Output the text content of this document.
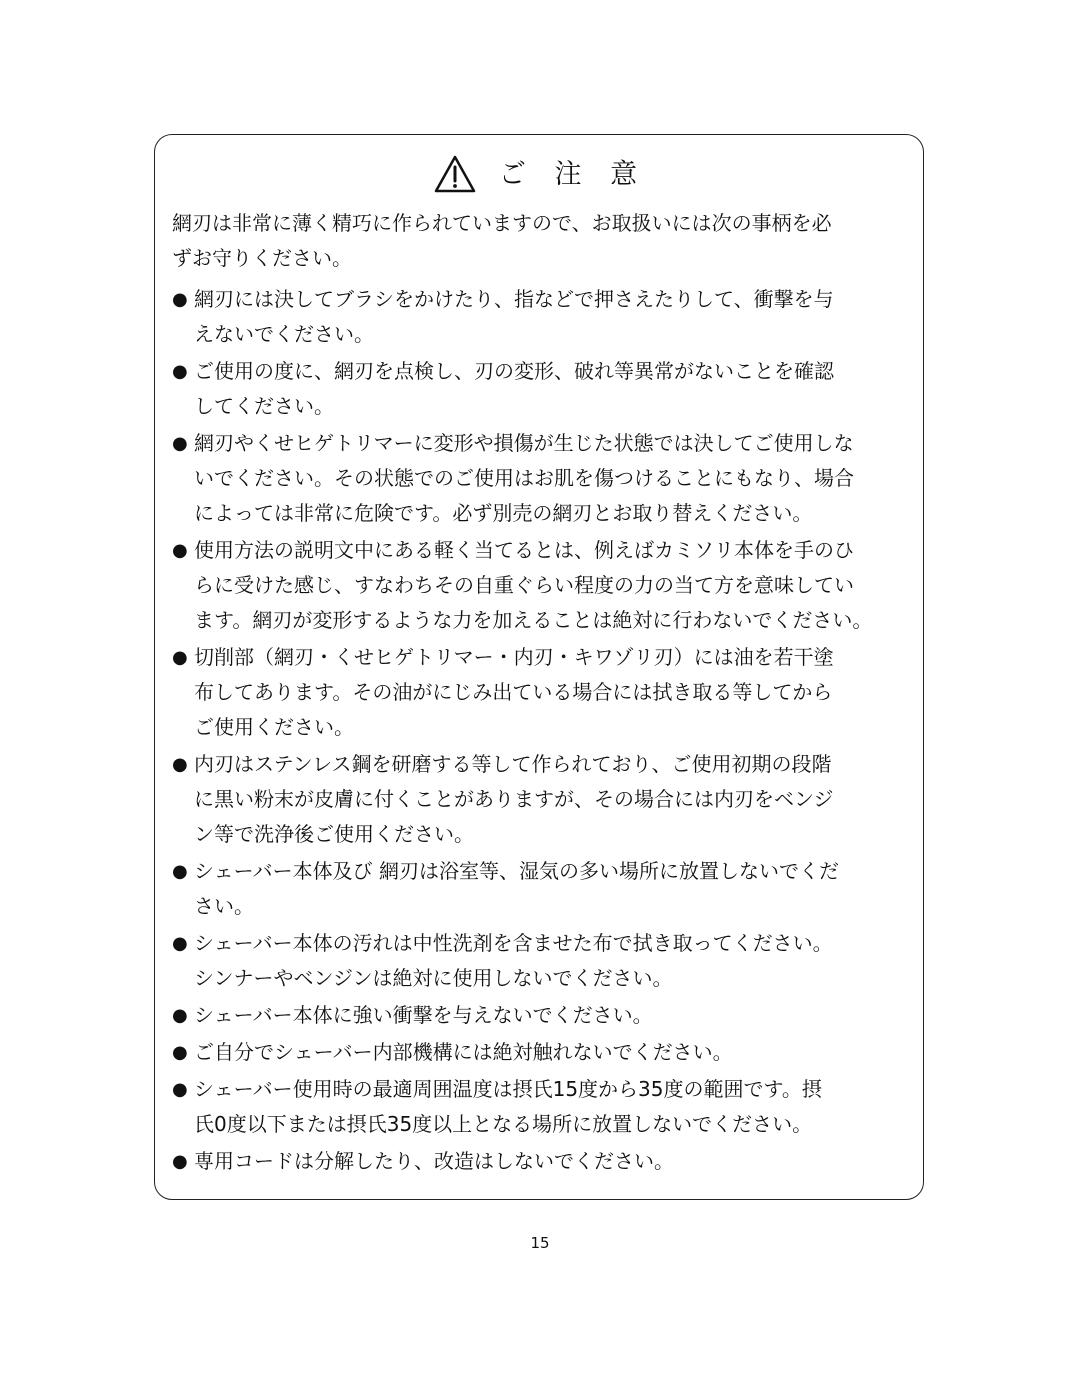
ご 注 意

網刃は非常に薄く精巧に作られていますので、お取扱いには次の事柄を必
ずお守りください。

● 網刃には決してブラシをかけたり、指などで押さえたりして、衝撃を与
えないでください。
● ご使用の度に、網刃を点検し、刃の変形、破れ等異常がないことを確認
してください。
● 網刃やくせヒゲトリマーに変形や損傷が生じた状態では決してご使用しな
いでください。その状態でのご使用はお肌を傷つけることにもなり、場合
によっては非常に危険です。必ず別売の網刃とお取り替えください。
● 使用方法の説明文中にある軽く当てるとは、例えばカミソリ本体を手のひ
らに受けた感じ、すなわちその自重ぐらい程度の力の当て方を意味してい
ます。網刃が変形するような力を加えることは絶対に行わないでください。
● 切削部（網刃・くせヒゲトリマー・内刃・キワゾリ刃）には油を若干塗
布してあります。その油がにじみ出ている場合には拭き取る等してから
ご使用ください。
● 内刃はステンレス鋼を研磨する等して作られており、ご使用初期の段階
に黒い粉末が皮膚に付くことがありますが、その場合には内刃をベンジ
ン等で洗浄後ご使用ください。
● シェーバー本体及び 網刃は浴室等、湿気の多い場所に放置しないでくだ
さい。
● シェーバー本体の汚れは中性洗剤を含ませた布で拭き取ってください。
シンナーやベンジンは絶対に使用しないでください。
● シェーバー本体に強い衝撃を与えないでください。
● ご自分でシェーバー内部機構には絶対触れないでください。
● シェーバー使用時の最適周囲温度は摂氏15度から35度の範囲です。摂
氏0度以下または摂氏35度以上となる場所に放置しないでください。
● 専用コードは分解したり、改造はしないでください。
15
